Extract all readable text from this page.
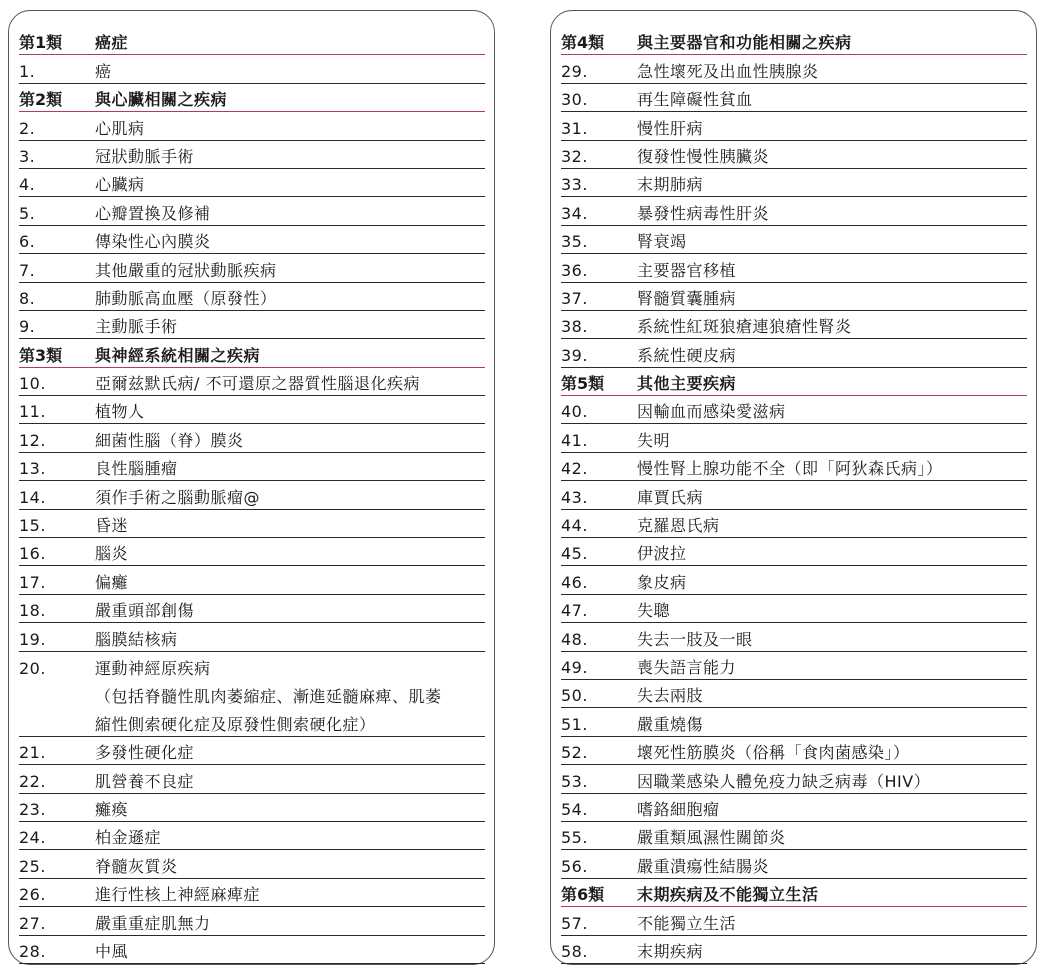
第1類	癌症
1.	癌
第2類	與心臟相關之疾病
2.	心肌病
3.	冠狀動脈手術
4.	心臟病
5.	心瓣置換及修補
6.	傳染性心內膜炎
7.	其他嚴重的冠狀動脈疾病
8.	肺動脈高血壓（原發性）
9.	主動脈手術
第3類	與神經系統相關之疾病
10.	亞爾兹默氏病/ 不可還原之器質性腦退化疾病
11.	植物人
12.	細菌性腦（脊）膜炎
13.	良性腦腫瘤
14.	須作手術之腦動脈瘤@
15.	昏迷
16.	腦炎
17.	偏癱
18.	嚴重頭部創傷
19.	腦膜結核病
20.	運動神經原疾病
（包括脊髓性肌肉萎縮症、漸進延髓麻痺、肌萎
縮性側索硬化症及原發性側索硬化症）
21.	多發性硬化症
22.	肌營養不良症
23.	癱瘓
24.	柏金遜症
25.	脊髓灰質炎
26.	進行性核上神經麻痺症
27.	嚴重重症肌無力
28.	中風
第4類	與主要器官和功能相關之疾病
29.	急性壞死及出血性胰腺炎
30.	再生障礙性貧血
31.	慢性肝病
32.	復發性慢性胰臟炎
33.	末期肺病
34.	暴發性病毒性肝炎
35.	腎衰竭
36.	主要器官移植
37.	腎髓質囊腫病
38.	系統性紅斑狼瘡連狼瘡性腎炎
39.	系統性硬皮病
第5類	其他主要疾病
40.	因輸血而感染愛滋病
41.	失明
42.	慢性腎上腺功能不全（即「阿狄森氏病」）
43.	庫賈氏病
44.	克羅恩氏病
45.	伊波拉
46.	象皮病
47.	失聰
48.	失去一肢及一眼
49.	喪失語言能力
50.	失去兩肢
51.	嚴重燒傷
52.	壞死性筋膜炎（俗稱「食肉菌感染」）
53.	因職業感染人體免疫力缺乏病毒（HIV）
54.	嗜鉻細胞瘤
55.	嚴重類風濕性關節炎
56.	嚴重潰瘍性結腸炎
第6類	末期疾病及不能獨立生活
57.	不能獨立生活
58.	末期疾病
